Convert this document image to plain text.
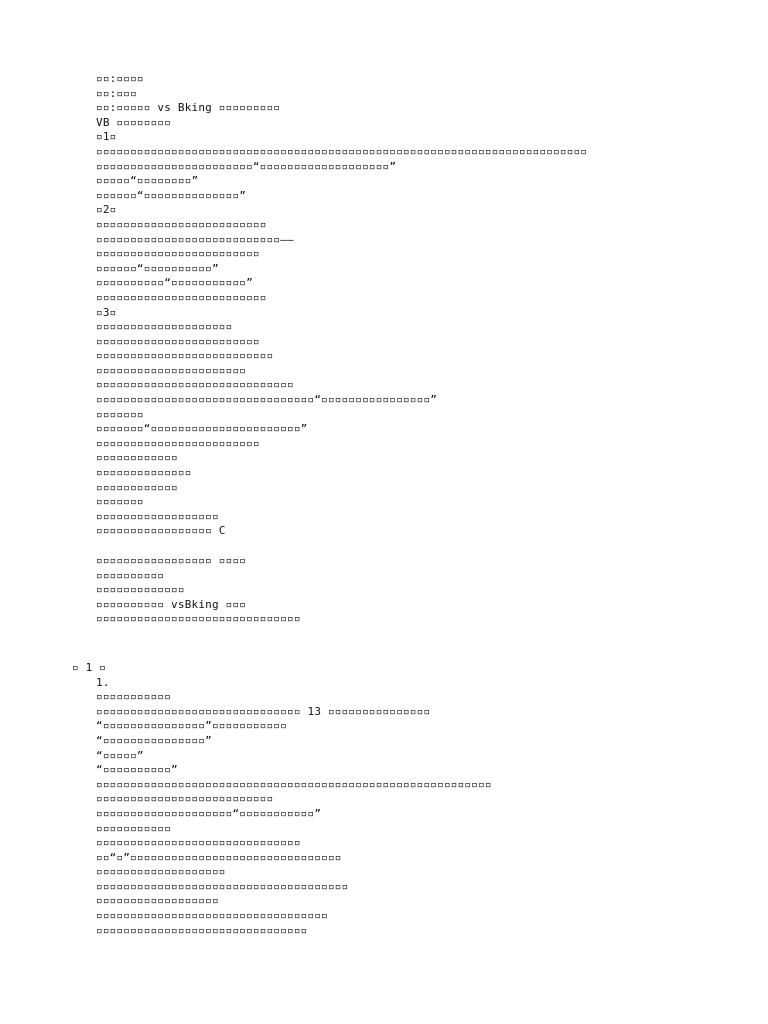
▫▫:▫▫▫▫
▫▫:▫▫▫
▫▫:▫▫▫▫▫ vs Bking ▫▫▫▫▫▫▫▫▫
VB ▫▫▫▫▫▫▫▫
▫1▫
▫▫▫▫▫▫▫▫▫▫▫▫▫▫▫▫▫▫▫▫▫▫▫▫▫▫▫▫▫▫▫▫▫▫▫▫▫▫▫▫▫▫▫▫▫▫▫▫▫▫▫▫▫▫▫▫▫▫▫▫▫▫▫▫▫▫▫▫▫▫▫▫
▫▫▫▫▫▫▫▫▫▫▫▫▫▫▫▫▫▫▫▫▫▫▫“▫▫▫▫▫▫▫▫▫▫▫▫▫▫▫▫▫▫▫”
▫▫▫▫▫“▫▫▫▫▫▫▫▫”
▫▫▫▫▫▫“▫▫▫▫▫▫▫▫▫▫▫▫▫▫”
▫2▫
▫▫▫▫▫▫▫▫▫▫▫▫▫▫▫▫▫▫▫▫▫▫▫▫▫
▫▫▫▫▫▫▫▫▫▫▫▫▫▫▫▫▫▫▫▫▫▫▫▫▫▫▫——
▫▫▫▫▫▫▫▫▫▫▫▫▫▫▫▫▫▫▫▫▫▫▫▫
▫▫▫▫▫▫“▫▫▫▫▫▫▫▫▫▫”
▫▫▫▫▫▫▫▫▫▫“▫▫▫▫▫▫▫▫▫▫▫”
▫▫▫▫▫▫▫▫▫▫▫▫▫▫▫▫▫▫▫▫▫▫▫▫▫
▫3▫
▫▫▫▫▫▫▫▫▫▫▫▫▫▫▫▫▫▫▫▫
▫▫▫▫▫▫▫▫▫▫▫▫▫▫▫▫▫▫▫▫▫▫▫▫
▫▫▫▫▫▫▫▫▫▫▫▫▫▫▫▫▫▫▫▫▫▫▫▫▫▫
▫▫▫▫▫▫▫▫▫▫▫▫▫▫▫▫▫▫▫▫▫▫
▫▫▫▫▫▫▫▫▫▫▫▫▫▫▫▫▫▫▫▫▫▫▫▫▫▫▫▫▫
▫▫▫▫▫▫▫▫▫▫▫▫▫▫▫▫▫▫▫▫▫▫▫▫▫▫▫▫▫▫▫▫“▫▫▫▫▫▫▫▫▫▫▫▫▫▫▫▫”
▫▫▫▫▫▫▫
▫▫▫▫▫▫▫“▫▫▫▫▫▫▫▫▫▫▫▫▫▫▫▫▫▫▫▫▫▫”
▫▫▫▫▫▫▫▫▫▫▫▫▫▫▫▫▫▫▫▫▫▫▫▫
▫▫▫▫▫▫▫▫▫▫▫▫
▫▫▫▫▫▫▫▫▫▫▫▫▫▫
▫▫▫▫▫▫▫▫▫▫▫▫
▫▫▫▫▫▫▫
▫▫▫▫▫▫▫▫▫▫▫▫▫▫▫▫▫▫
▫▫▫▫▫▫▫▫▫▫▫▫▫▫▫▫▫ C
▫▫▫▫▫▫▫▫▫▫▫▫▫▫▫▫▫ ▫▫▫▫
▫▫▫▫▫▫▫▫▫▫
▫▫▫▫▫▫▫▫▫▫▫▫▫
▫▫▫▫▫▫▫▫▫▫ vsBking ▫▫▫
▫▫▫▫▫▫▫▫▫▫▫▫▫▫▫▫▫▫▫▫▫▫▫▫▫▫▫▫▫▫
▫ 1 ▫
1.
▫▫▫▫▫▫▫▫▫▫▫
▫▫▫▫▫▫▫▫▫▫▫▫▫▫▫▫▫▫▫▫▫▫▫▫▫▫▫▫▫▫ 13 ▫▫▫▫▫▫▫▫▫▫▫▫▫▫▫
“▫▫▫▫▫▫▫▫▫▫▫▫▫▫▫”▫▫▫▫▫▫▫▫▫▫▫
“▫▫▫▫▫▫▫▫▫▫▫▫▫▫▫”
“▫▫▫▫▫”
“▫▫▫▫▫▫▫▫▫▫”
▫▫▫▫▫▫▫▫▫▫▫▫▫▫▫▫▫▫▫▫▫▫▫▫▫▫▫▫▫▫▫▫▫▫▫▫▫▫▫▫▫▫▫▫▫▫▫▫▫▫▫▫▫▫▫▫▫▫
▫▫▫▫▫▫▫▫▫▫▫▫▫▫▫▫▫▫▫▫▫▫▫▫▫▫
▫▫▫▫▫▫▫▫▫▫▫▫▫▫▫▫▫▫▫▫“▫▫▫▫▫▫▫▫▫▫▫”
▫▫▫▫▫▫▫▫▫▫▫
▫▫▫▫▫▫▫▫▫▫▫▫▫▫▫▫▫▫▫▫▫▫▫▫▫▫▫▫▫▫
▫▫“▫”▫▫▫▫▫▫▫▫▫▫▫▫▫▫▫▫▫▫▫▫▫▫▫▫▫▫▫▫▫▫▫
▫▫▫▫▫▫▫▫▫▫▫▫▫▫▫▫▫▫▫
▫▫▫▫▫▫▫▫▫▫▫▫▫▫▫▫▫▫▫▫▫▫▫▫▫▫▫▫▫▫▫▫▫▫▫▫▫
▫▫▫▫▫▫▫▫▫▫▫▫▫▫▫▫▫▫
▫▫▫▫▫▫▫▫▫▫▫▫▫▫▫▫▫▫▫▫▫▫▫▫▫▫▫▫▫▫▫▫▫▫
▫▫▫▫▫▫▫▫▫▫▫▫▫▫▫▫▫▫▫▫▫▫▫▫▫▫▫▫▫▫▫
